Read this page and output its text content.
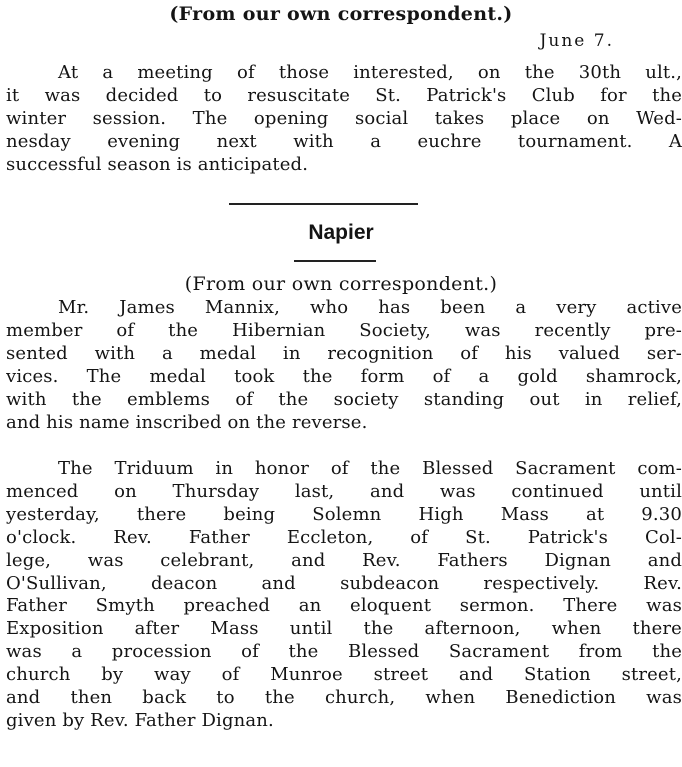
(From our own correspondent.)
June 7.
At a meeting of those interested, on the 30th ult.,
it was decided to resuscitate St. Patrick's Club for the
winter session. The opening social takes place on Wed-
nesday evening next with a euchre tournament. A
successful season is anticipated.
Napier
(From our own correspondent.)
Mr. James Mannix, who has been a very active
member of the Hibernian Society, was recently pre-
sented with a medal in recognition of his valued ser-
vices. The medal took the form of a gold shamrock,
with the emblems of the society standing out in relief,
and his name inscribed on the reverse.
The Triduum in honor of the Blessed Sacrament com-
menced on Thursday last, and was continued until
yesterday, there being Solemn High Mass at 9.30
o'clock. Rev. Father Eccleton, of St. Patrick's Col-
lege, was celebrant, and Rev. Fathers Dignan and
O'Sullivan, deacon and subdeacon respectively. Rev.
Father Smyth preached an eloquent sermon. There was
Exposition after Mass until the afternoon, when there
was a procession of the Blessed Sacrament from the
church by way of Munroe street and Station street,
and then back to the church, when Benediction was
given by Rev. Father Dignan.
